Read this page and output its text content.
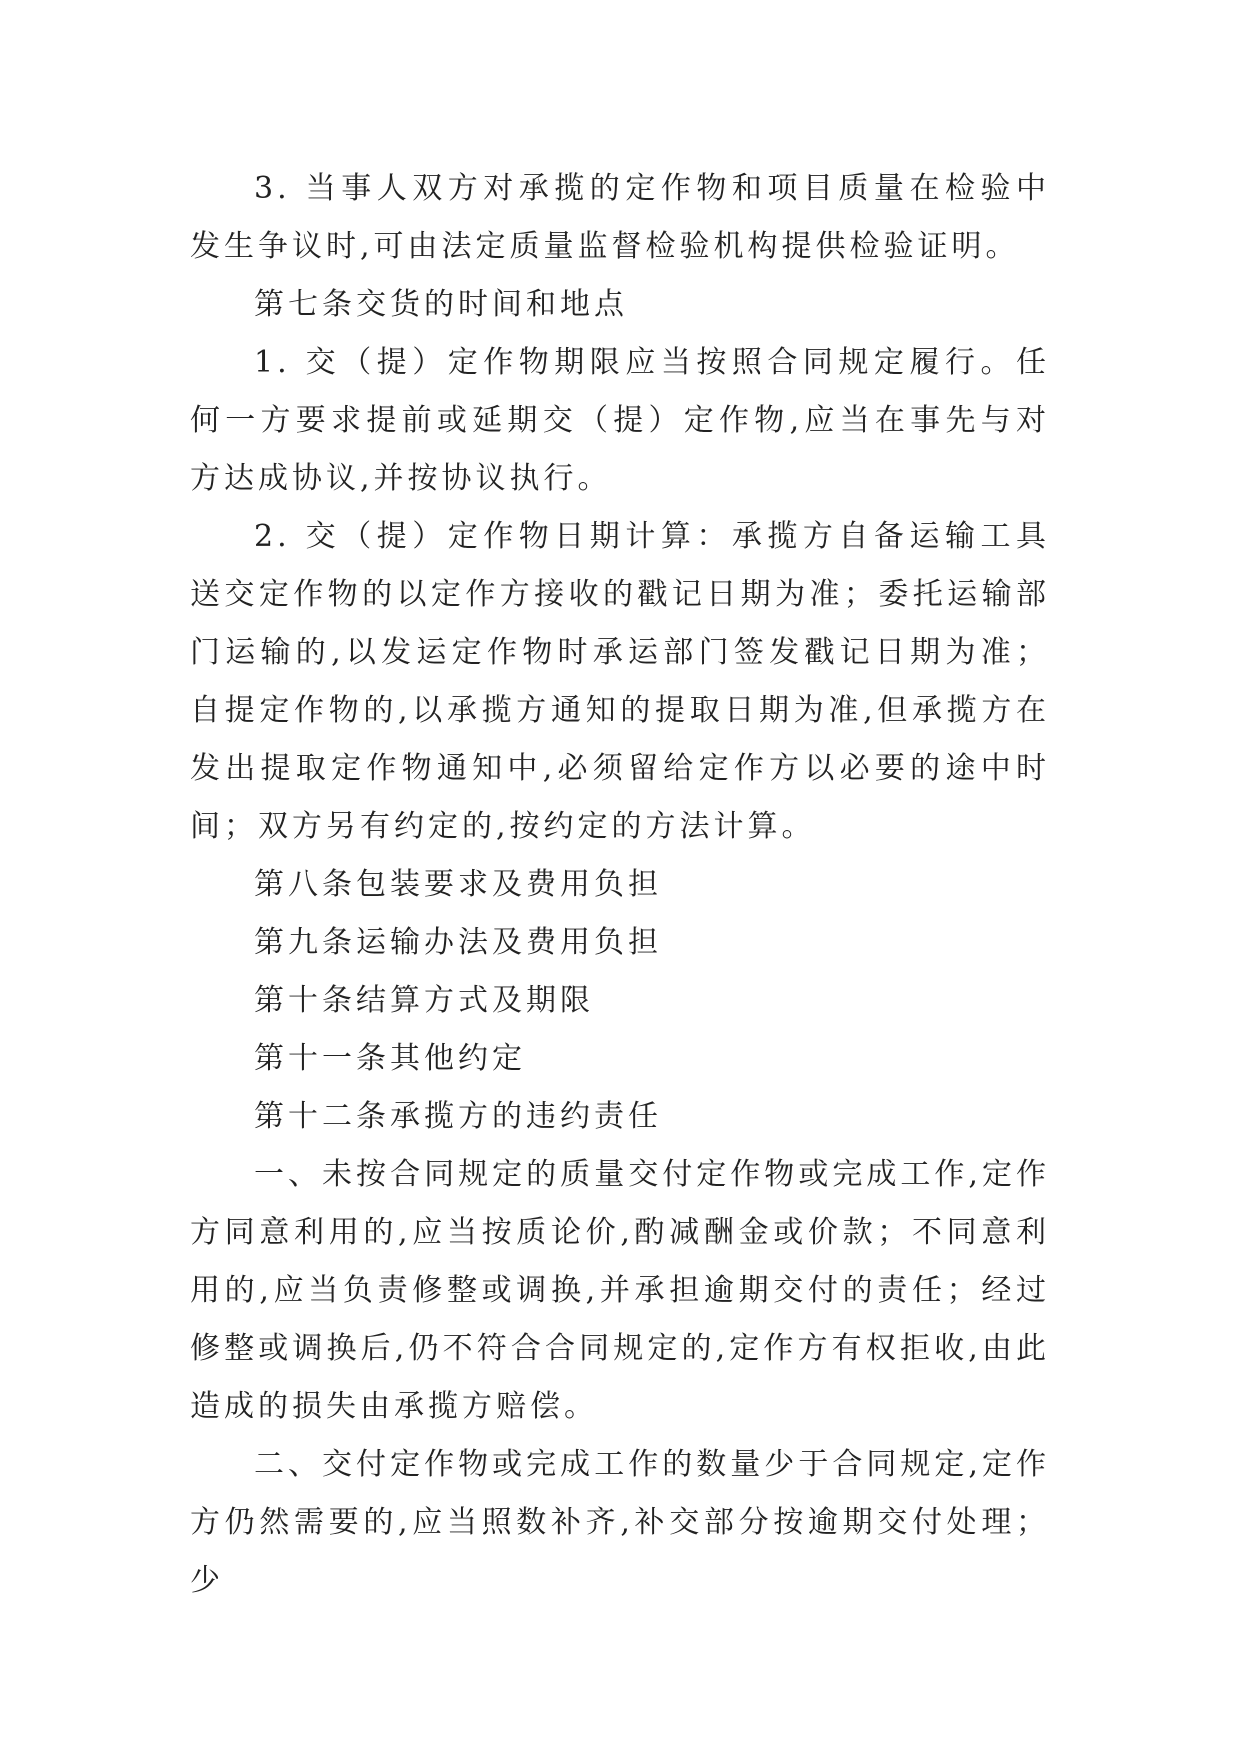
3. 当事人双方对承揽的定作物和项目质量在检验中发生争议时,可由法定质量监督检验机构提供检验证明。

第七条交货的时间和地点

1. 交（提）定作物期限应当按照合同规定履行。任何一方要求提前或延期交（提）定作物,应当在事先与对方达成协议,并按协议执行。

2. 交（提）定作物日期计算：承揽方自备运输工具送交定作物的以定作方接收的戳记日期为准；委托运输部门运输的,以发运定作物时承运部门签发戳记日期为准；自提定作物的,以承揽方通知的提取日期为准,但承揽方在发出提取定作物通知中,必须留给定作方以必要的途中时间；双方另有约定的,按约定的方法计算。

第八条包装要求及费用负担

第九条运输办法及费用负担

第十条结算方式及期限

第十一条其他约定

第十二条承揽方的违约责任

一、未按合同规定的质量交付定作物或完成工作,定作方同意利用的,应当按质论价,酌减酬金或价款；不同意利用的,应当负责修整或调换,并承担逾期交付的责任；经过修整或调换后,仍不符合合同规定的,定作方有权拒收,由此造成的损失由承揽方赔偿。

二、交付定作物或完成工作的数量少于合同规定,定作方仍然需要的,应当照数补齐,补交部分按逾期交付处理；少
